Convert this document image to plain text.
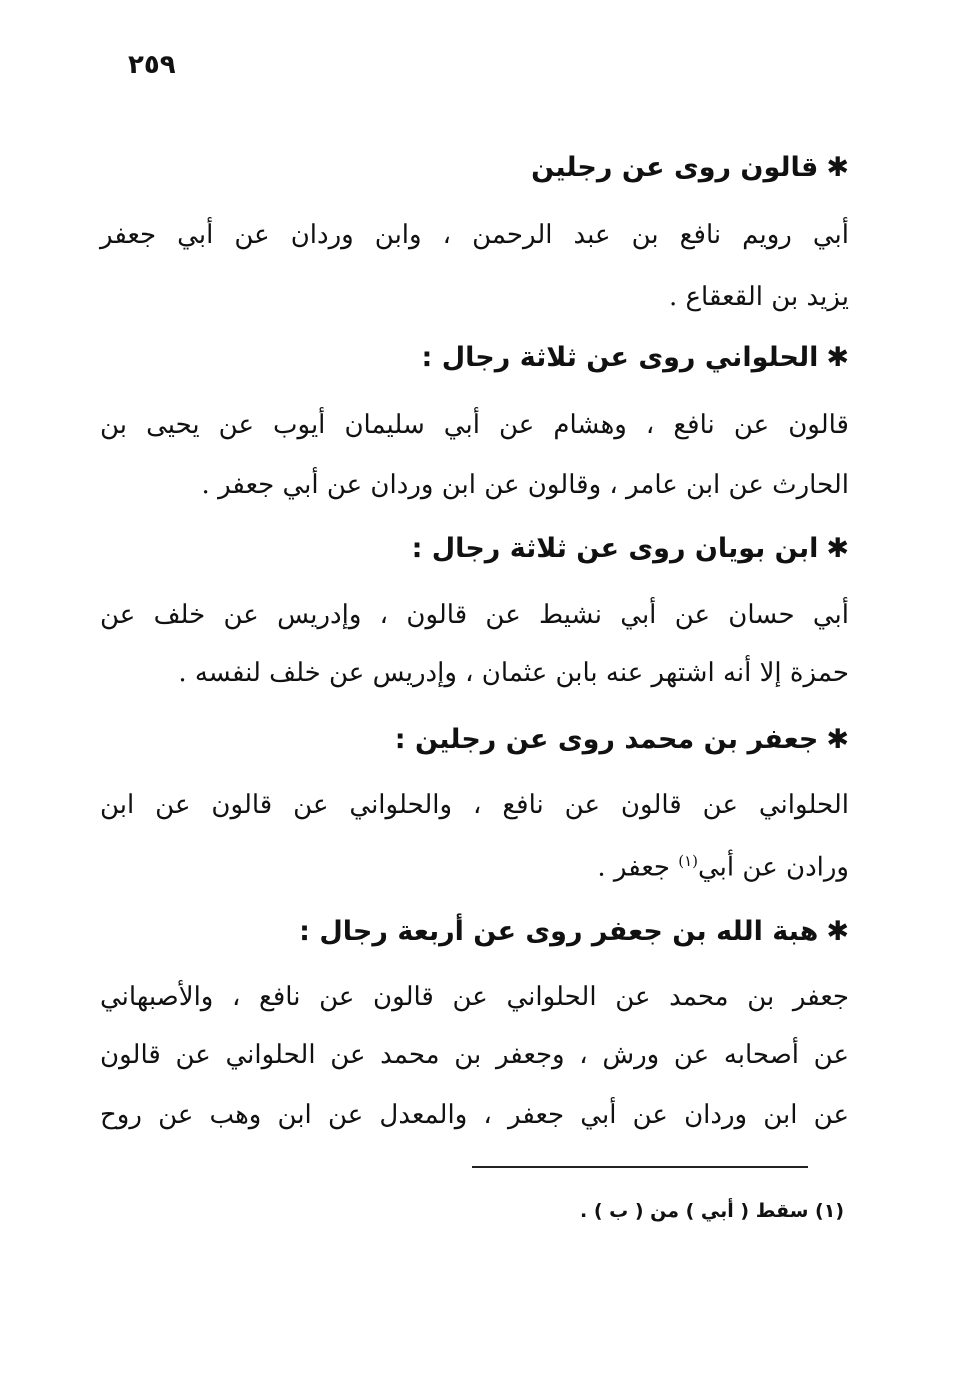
٢٥٩
✱قالون روى عن رجلين
أبي رويم نافع بن عبد الرحمن ، وابن وردان عن أبي جعفر
يزيد بن القعقاع .
✱الحلواني روى عن ثلاثة رجال :
قالون عن نافع ، وهشام عن أبي سليمان أيوب عن يحيى بن
الحارث عن ابن عامر ، وقالون عن ابن وردان عن أبي جعفر .
✱ابن بويان روى عن ثلاثة رجال :
أبي حسان عن أبي نشيط عن قالون ، وإدريس عن خلف عن
حمزة إلا أنه اشتهر عنه بابن عثمان ، وإدريس عن خلف لنفسه .
✱جعفر بن محمد روى عن رجلين :
الحلواني عن قالون عن نافع ، والحلواني عن قالون عن ابن
ورادن عن أبي$^{(١)}$ جعفر .
✱هبة الله بن جعفر روى عن أربعة رجال :
جعفر بن محمد عن الحلواني عن قالون عن نافع ، والأصبهاني
عن أصحابه عن ورش ، وجعفر بن محمد عن الحلواني عن قالون
عن ابن وردان عن أبي جعفر ، والمعدل عن ابن وهب عن روح
(١) سقط ( أبي ) من ( ب ) .
